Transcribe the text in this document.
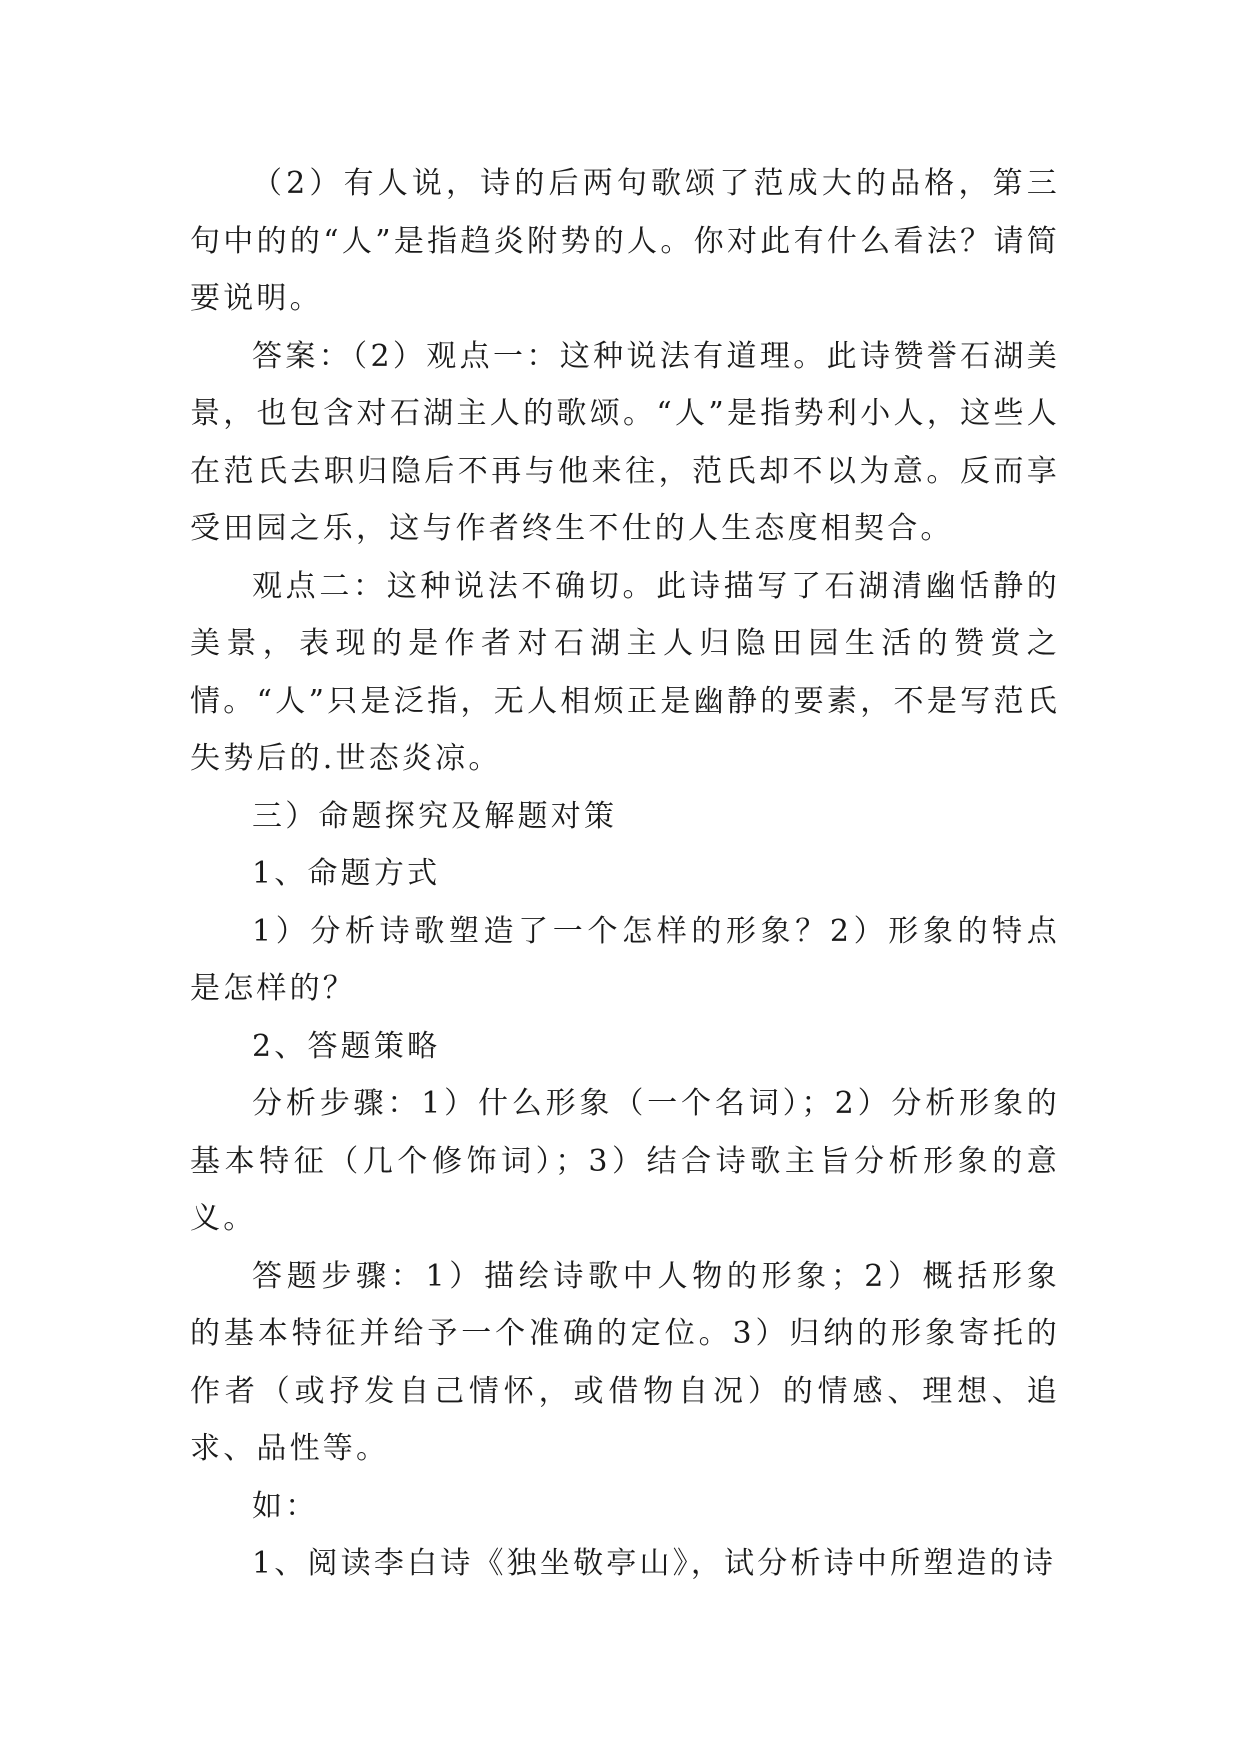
（2）有人说，诗的后两句歌颂了范成大的品格，第三句中的的“人”是指趋炎附势的人。你对此有什么看法？请简要说明。

答案：（2）观点一：这种说法有道理。此诗赞誉石湖美景，也包含对石湖主人的歌颂。“人”是指势利小人，这些人在范氏去职归隐后不再与他来往，范氏却不以为意。反而享受田园之乐，这与作者终生不仕的人生态度相契合。

观点二：这种说法不确切。此诗描写了石湖清幽恬静的美景，表现的是作者对石湖主人归隐田园生活的赞赏之情。“人”只是泛指，无人相烦正是幽静的要素，不是写范氏失势后的.世态炎凉。

三）命题探究及解题对策

1、命题方式

1）分析诗歌塑造了一个怎样的形象？2）形象的特点是怎样的？

2、答题策略

分析步骤：1）什么形象（一个名词）；2）分析形象的基本特征（几个修饰词）；3）结合诗歌主旨分析形象的意义。

答题步骤：1）描绘诗歌中人物的形象；2）概括形象的基本特征并给予一个准确的定位。3）归纳的形象寄托的作者（或抒发自己情怀，或借物自况）的情感、理想、追求、品性等。

如：

1、阅读李白诗《独坐敬亭山》，试分析诗中所塑造的诗
